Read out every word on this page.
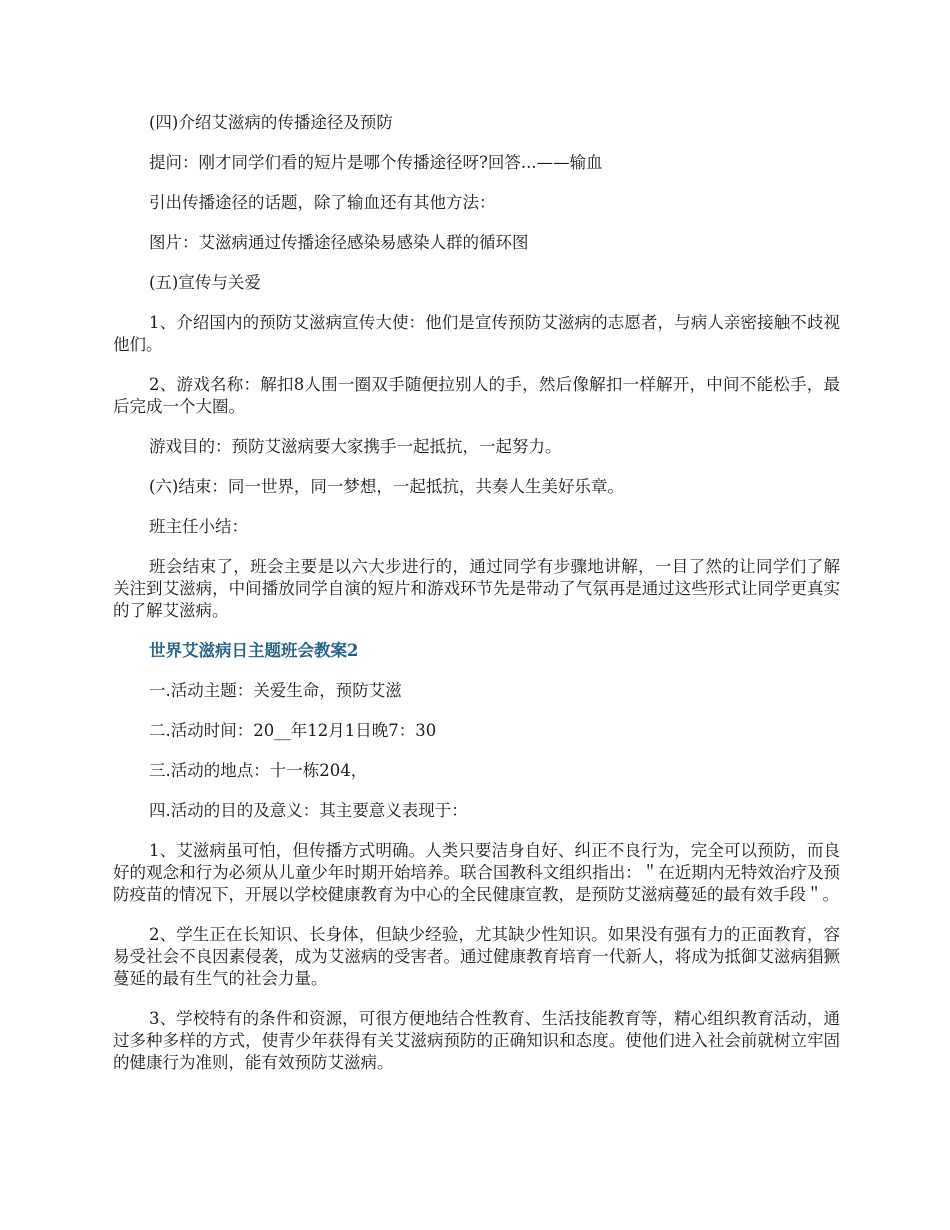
(四)介绍艾滋病的传播途径及预防

提问：刚才同学们看的短片是哪个传播途径呀?回答...——输血

引出传播途径的话题，除了输血还有其他方法：

图片：艾滋病通过传播途径感染易感染人群的循环图

(五)宣传与关爱

1、介绍国内的预防艾滋病宣传大使：他们是宣传预防艾滋病的志愿者，与病人亲密接触不歧视他们。

2、游戏名称：解扣8人围一圈双手随便拉别人的手，然后像解扣一样解开，中间不能松手，最后完成一个大圈。

游戏目的：预防艾滋病要大家携手一起抵抗，一起努力。

(六)结束：同一世界，同一梦想，一起抵抗，共奏人生美好乐章。

班主任小结：

班会结束了，班会主要是以六大步进行的，通过同学有步骤地讲解，一目了然的让同学们了解关注到艾滋病，中间播放同学自演的短片和游戏环节先是带动了气氛再是通过这些形式让同学更真实的了解艾滋病。

世界艾滋病日主题班会教案2

一.活动主题：关爱生命，预防艾滋

二.活动时间：20__年12月1日晚7：30

三.活动的地点：十一栋204，

四.活动的目的及意义：其主要意义表现于：

1、艾滋病虽可怕，但传播方式明确。人类只要洁身自好、纠正不良行为，完全可以预防，而良好的观念和行为必须从儿童少年时期开始培养。联合国教科文组织指出：＂在近期内无特效治疗及预防疫苗的情况下，开展以学校健康教育为中心的全民健康宣教，是预防艾滋病蔓延的最有效手段＂。

2、学生正在长知识、长身体，但缺少经验，尤其缺少性知识。如果没有强有力的正面教育，容易受社会不良因素侵袭，成为艾滋病的受害者。通过健康教育培育一代新人，将成为抵御艾滋病猖獗蔓延的最有生气的社会力量。

3、学校特有的条件和资源，可很方便地结合性教育、生活技能教育等，精心组织教育活动，通过多种多样的方式，使青少年获得有关艾滋病预防的正确知识和态度。使他们进入社会前就树立牢固的健康行为准则，能有效预防艾滋病。
